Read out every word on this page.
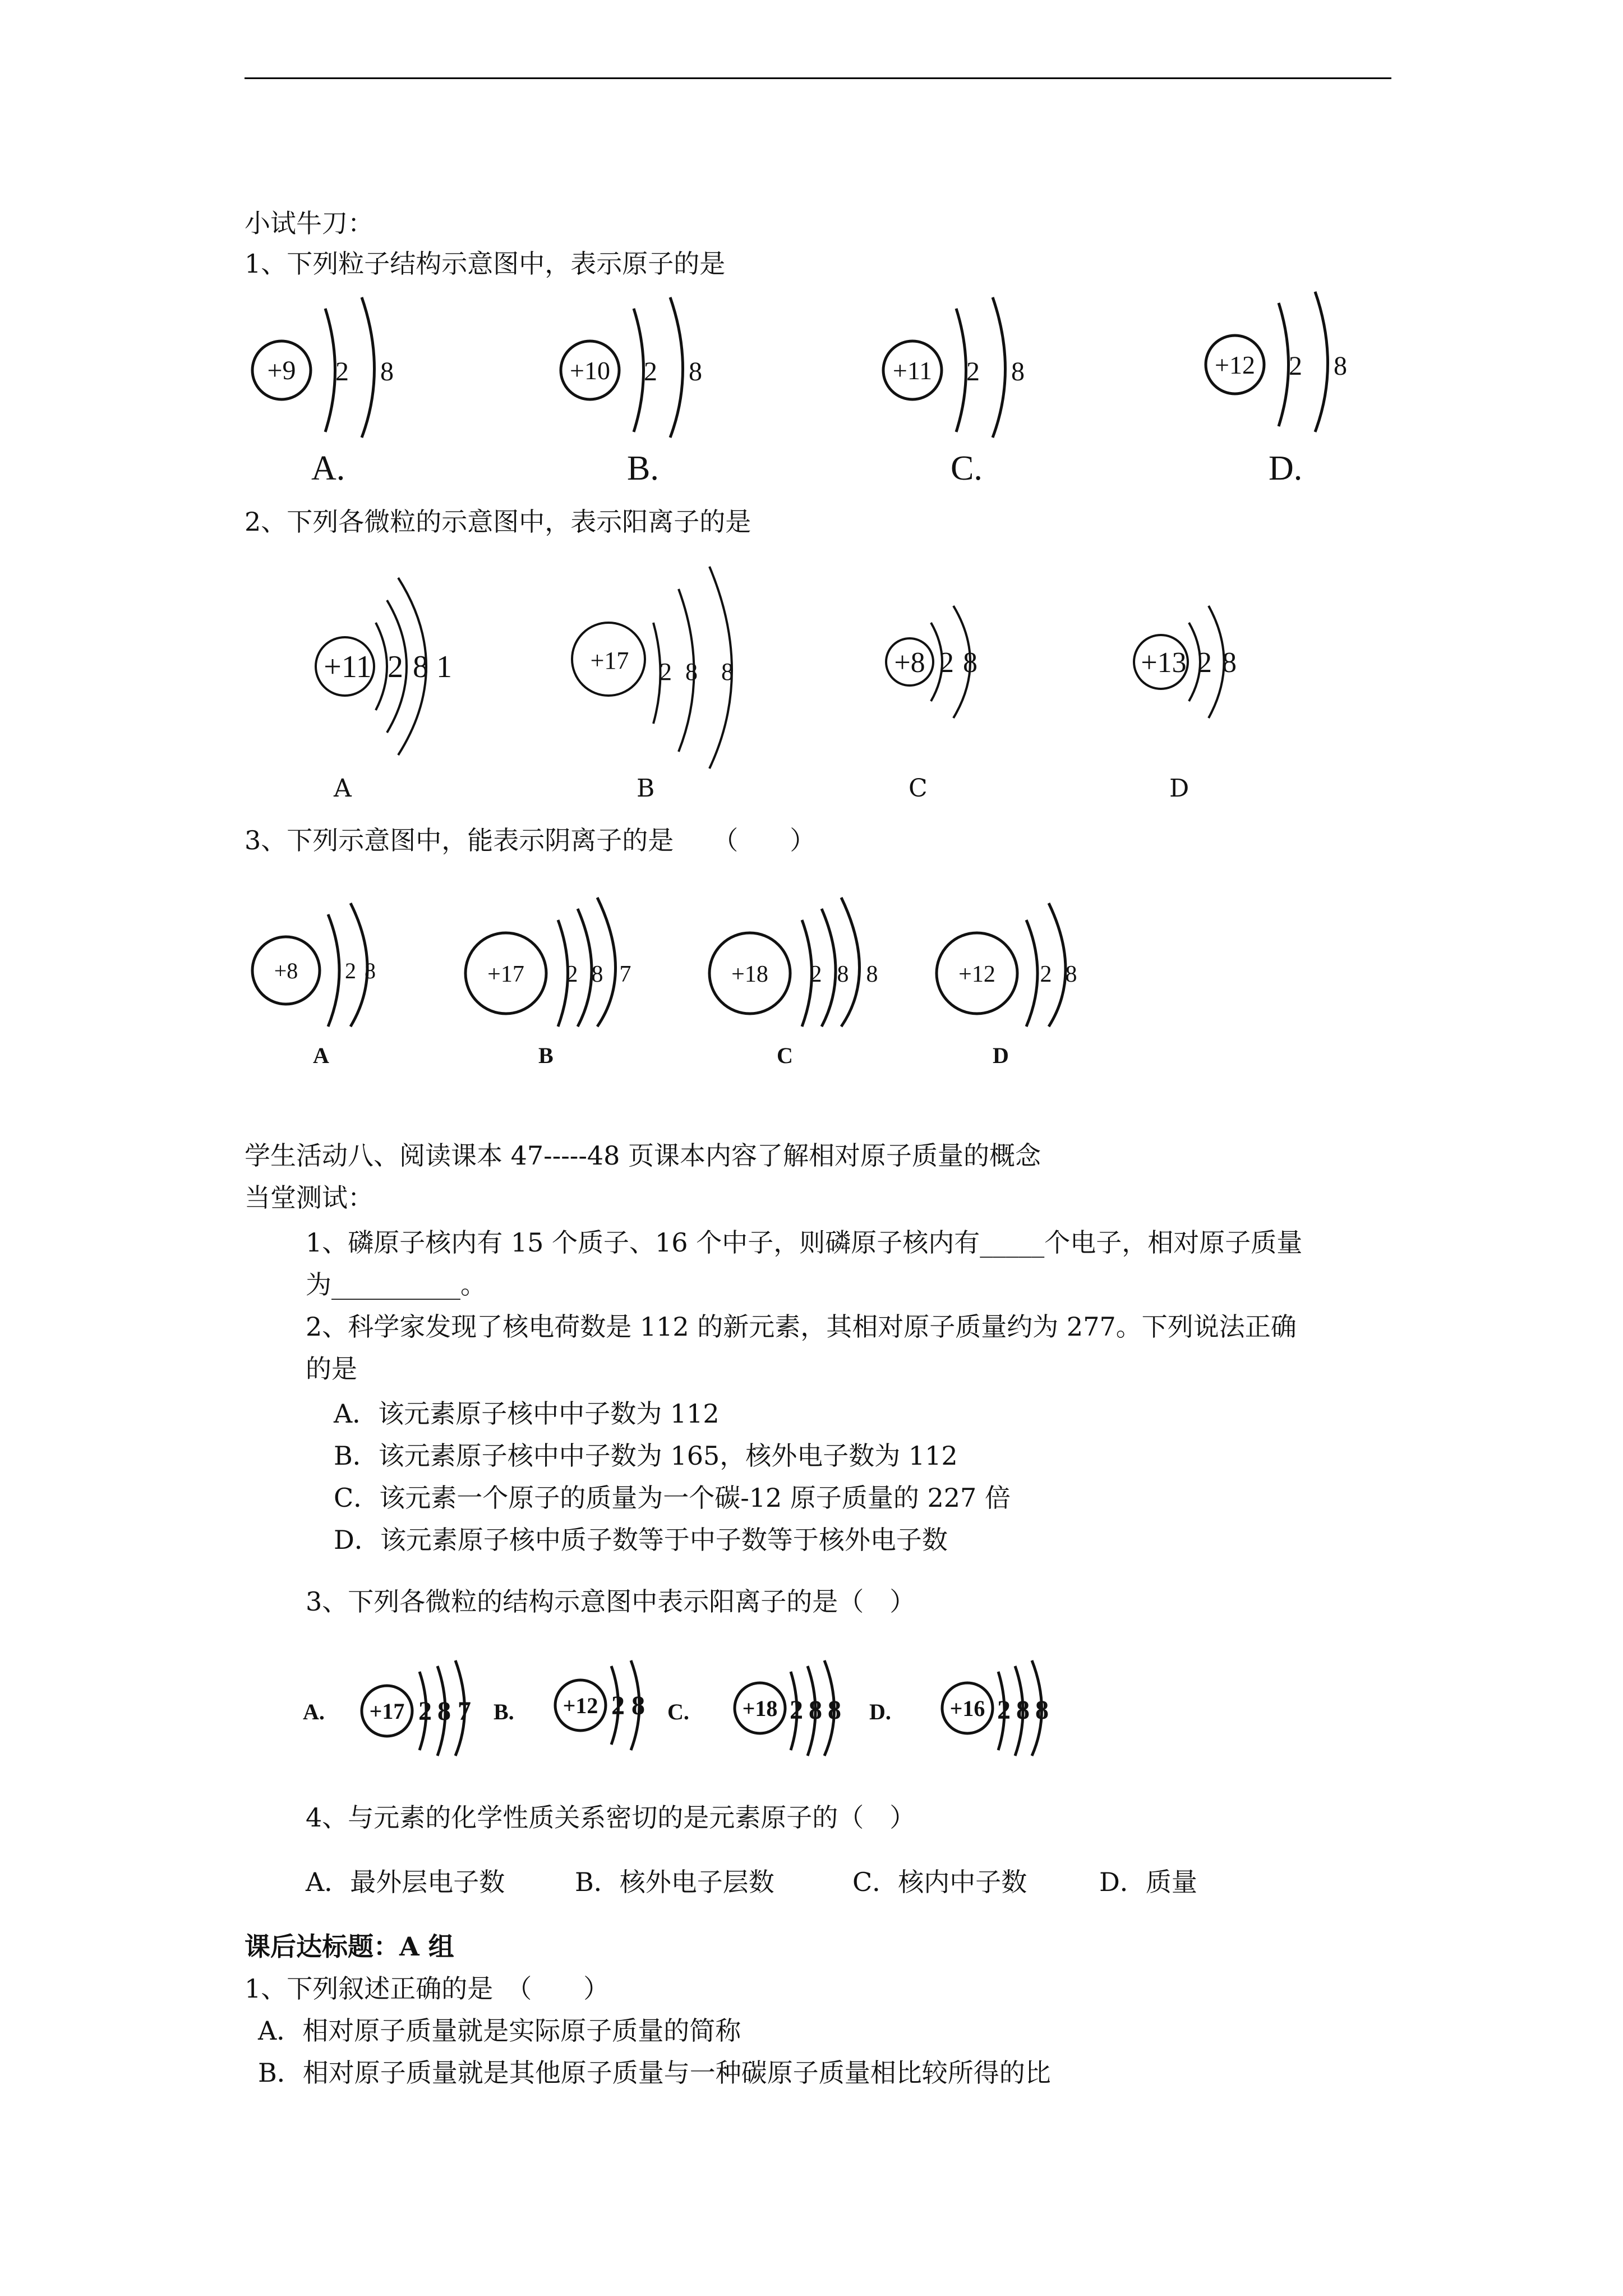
小试牛刀：
1、下列粒子结构示意图中，表示原子的是
+9 2 8
A.
+10 2 8
B.
+11 2 8
C.
+12 2 8
D.
2、下列各微粒的示意图中，表示阳离子的是
+11 2 8 1
A
+17 2 8 8
B
+8 2 8
C
+13 2 8
D
3、下列示意图中，能表示阴离子的是　　（　　）
+8 2 8
A
+17 2 8 7
B
+18 2 8 8
C
+12 2 8
D
学生活动八、阅读课本 47-----48 页课本内容了解相对原子质量的概念
当堂测试：
1、磷原子核内有 15 个质子、16 个中子，则磷原子核内有_____个电子，相对原子质量
为__________。
2、科学家发现了核电荷数是 112 的新元素，其相对原子质量约为 277。下列说法正确
的是
A．该元素原子核中中子数为 112
B．该元素原子核中中子数为 165，核外电子数为 112
C．该元素一个原子的质量为一个碳-12 原子质量的 227 倍
D．该元素原子核中质子数等于中子数等于核外电子数
3、下列各微粒的结构示意图中表示阳离子的是（　）
A. +17 2 8 7 B. +12 2 8 C. +18 2 8 8 D.	+16 2 8 8
4、与元素的化学性质关系密切的是元素原子的（　）
A．最外层电子数	B．核外电子层数	C．核内中子数	D．质量
课后达标题：A 组
1、下列叙述正确的是　（　　）
A．相对原子质量就是实际原子质量的简称
B．相对原子质量就是其他原子质量与一种碳原子质量相比较所得的比
